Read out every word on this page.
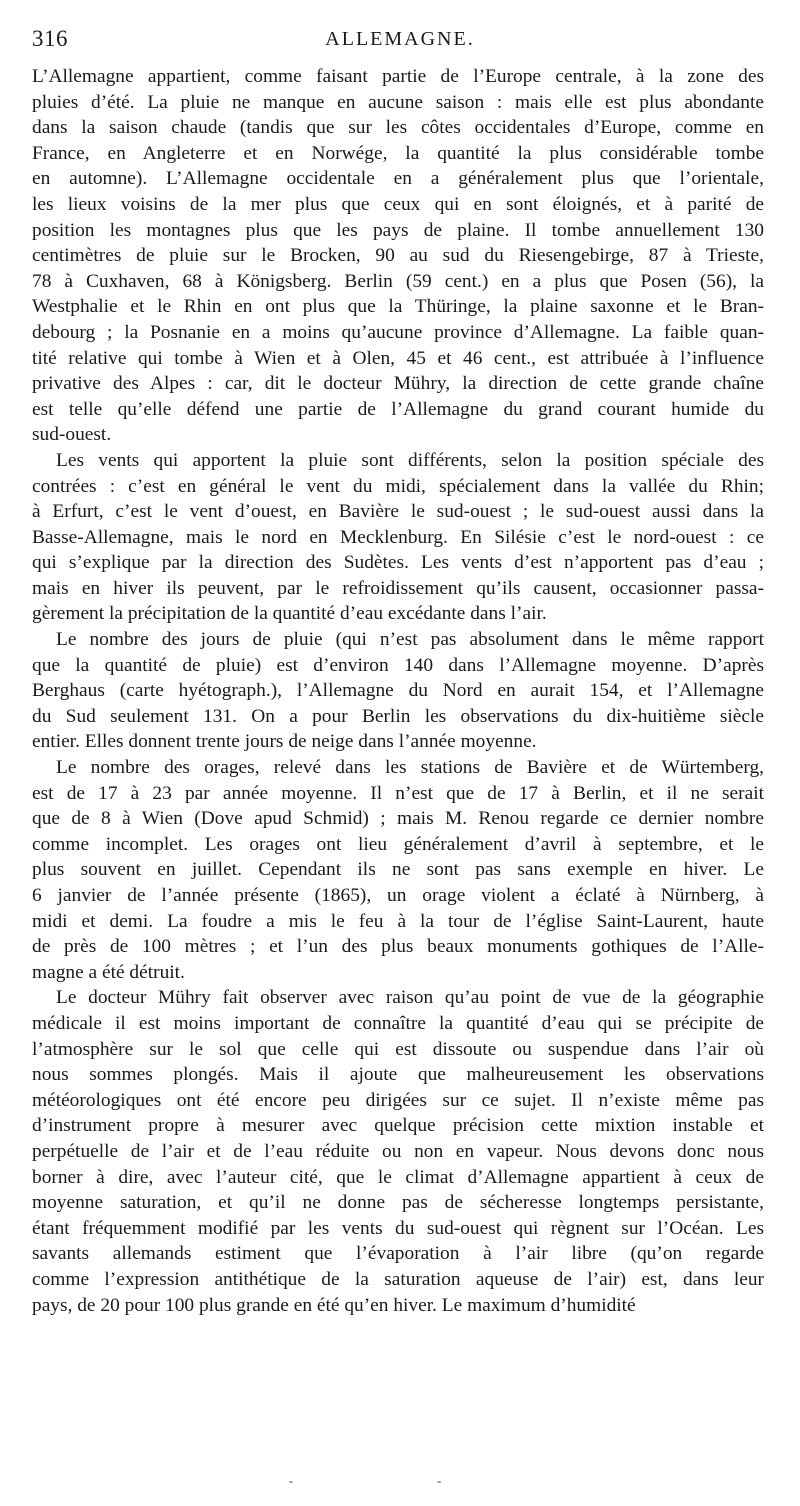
316	ALLEMAGNE.
L’Allemagne appartient, comme faisant partie de l’Europe centrale, à la zone des
pluies d’été. La pluie ne manque en aucune saison : mais elle est plus abondante
dans la saison chaude (tandis que sur les côtes occidentales d’Europe, comme en
France, en Angleterre et en Norwége, la quantité la plus considérable tombe
en automne). L’Allemagne occidentale en a généralement plus que l’orientale,
les lieux voisins de la mer plus que ceux qui en sont éloignés, et à parité de
position les montagnes plus que les pays de plaine. Il tombe annuellement 130
centimètres de pluie sur le Brocken, 90 au sud du Riesengebirge, 87 à Trieste,
78 à Cuxhaven, 68 à Königsberg. Berlin (59 cent.) en a plus que Posen (56), la
Westphalie et le Rhin en ont plus que la Thüringe, la plaine saxonne et le Bran-
debourg ; la Posnanie en a moins qu’aucune province d’Allemagne. La faible quan-
tité relative qui tombe à Wien et à Olen, 45 et 46 cent., est attribuée à l’influence
privative des Alpes : car, dit le docteur Mühry, la direction de cette grande chaîne
est telle qu’elle défend une partie de l’Allemagne du grand courant humide du
sud-ouest.
Les vents qui apportent la pluie sont différents, selon la position spéciale des
contrées : c’est en général le vent du midi, spécialement dans la vallée du Rhin;
à Erfurt, c’est le vent d’ouest, en Bavière le sud-ouest ; le sud-ouest aussi dans la
Basse-Allemagne, mais le nord en Mecklenburg. En Silésie c’est le nord-ouest : ce
qui s’explique par la direction des Sudètes. Les vents d’est n’apportent pas d’eau ;
mais en hiver ils peuvent, par le refroidissement qu’ils causent, occasionner passa-
gèrement la précipitation de la quantité d’eau excédante dans l’air.
Le nombre des jours de pluie (qui n’est pas absolument dans le même rapport
que la quantité de pluie) est d’environ 140 dans l’Allemagne moyenne. D’après
Berghaus (carte hyétograph.), l’Allemagne du Nord en aurait 154, et l’Allemagne
du Sud seulement 131. On a pour Berlin les observations du dix-huitième siècle
entier. Elles donnent trente jours de neige dans l’année moyenne.
Le nombre des orages, relevé dans les stations de Bavière et de Würtemberg,
est de 17 à 23 par année moyenne. Il n’est que de 17 à Berlin, et il ne serait
que de 8 à Wien (Dove apud Schmid) ; mais M. Renou regarde ce dernier nombre
comme incomplet. Les orages ont lieu généralement d’avril à septembre, et le
plus souvent en juillet. Cependant ils ne sont pas sans exemple en hiver. Le
6 janvier de l’année présente (1865), un orage violent a éclaté à Nürnberg, à
midi et demi. La foudre a mis le feu à la tour de l’église Saint-Laurent, haute
de près de 100 mètres ; et l’un des plus beaux monuments gothiques de l’Alle-
magne a été détruit.
Le docteur Mühry fait observer avec raison qu’au point de vue de la géographie
médicale il est moins important de connaître la quantité d’eau qui se précipite de
l’atmosphère sur le sol que celle qui est dissoute ou suspendue dans l’air où
nous sommes plongés. Mais il ajoute que malheureusement les observations
météorologiques ont été encore peu dirigées sur ce sujet. Il n’existe même pas
d’instrument propre à mesurer avec quelque précision cette mixtion instable et
perpétuelle de l’air et de l’eau réduite ou non en vapeur. Nous devons donc nous
borner à dire, avec l’auteur cité, que le climat d’Allemagne appartient à ceux de
moyenne saturation, et qu’il ne donne pas de sécheresse longtemps persistante,
étant fréquemment modifié par les vents du sud-ouest qui règnent sur l’Océan. Les
savants allemands estiment que l’évaporation à l’air libre (qu’on regarde
comme l’expression antithétique de la saturation aqueuse de l’air) est, dans leur
pays, de 20 pour 100 plus grande en été qu’en hiver. Le maximum d’humidité
- -
